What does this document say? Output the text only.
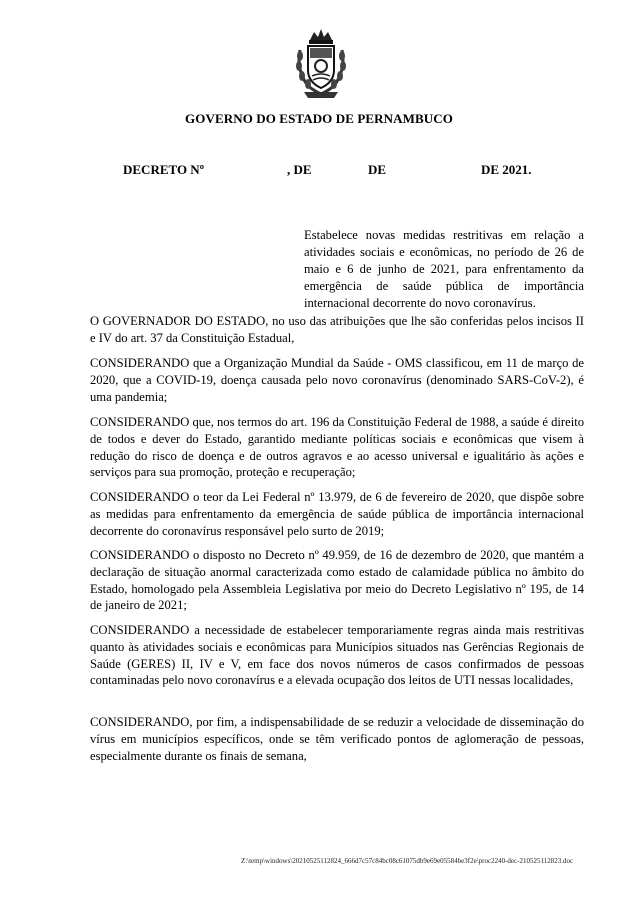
GOVERNO DO ESTADO DE PERNAMBUCO
DECRETO Nº	, DE	DE	DE 2021.
Estabelece novas medidas restritivas em relação a atividades sociais e econômicas, no período de 26 de maio e 6 de junho de 2021, para enfrentamento da emergência de saúde pública de importância internacional decorrente do novo coronavírus.

O GOVERNADOR DO ESTADO, no uso das atribuições que lhe são conferidas pelos incisos II e IV do art. 37 da Constituição Estadual,

CONSIDERANDO que a Organização Mundial da Saúde - OMS classificou, em 11 de março de 2020, que a COVID-19, doença causada pelo novo coronavírus (denominado SARS-CoV-2), é uma pandemia;

CONSIDERANDO que, nos termos do art. 196 da Constituição Federal de 1988, a saúde é direito de todos e dever do Estado, garantido mediante políticas sociais e econômicas que visem à redução do risco de doença e de outros agravos e ao acesso universal e igualitário às ações e serviços para sua promoção, proteção e recuperação;

CONSIDERANDO o teor da Lei Federal nº 13.979, de 6 de fevereiro de 2020, que dispõe sobre as medidas para enfrentamento da emergência de saúde pública de importância internacional decorrente do coronavírus responsável pelo surto de 2019;

CONSIDERANDO o disposto no Decreto nº 49.959, de 16 de dezembro de 2020, que mantém a declaração de situação anormal caracterizada como estado de calamidade pública no âmbito do Estado, homologado pela Assembleia Legislativa por meio do Decreto Legislativo nº 195, de 14 de janeiro de 2021;

CONSIDERANDO a necessidade de estabelecer temporariamente regras ainda mais restritivas quanto às atividades sociais e econômicas para Municípios situados nas Gerências Regionais de Saúde (GERES) II, IV e V, em face dos novos números de casos confirmados de pessoas contaminadas pelo novo coronavírus e a elevada ocupação dos leitos de UTI nessas localidades,

CONSIDERANDO, por fim, a indispensabilidade de se reduzir a velocidade de disseminação do vírus em municípios específicos, onde se têm verificado pontos de aglomeração de pessoas, especialmente durante os finais de semana,

Z:\temp\windows\20210525112824_666d7c57c84bc08c61075db9e69e05584be3f2e\proc2240-dec-210525112823.doc
